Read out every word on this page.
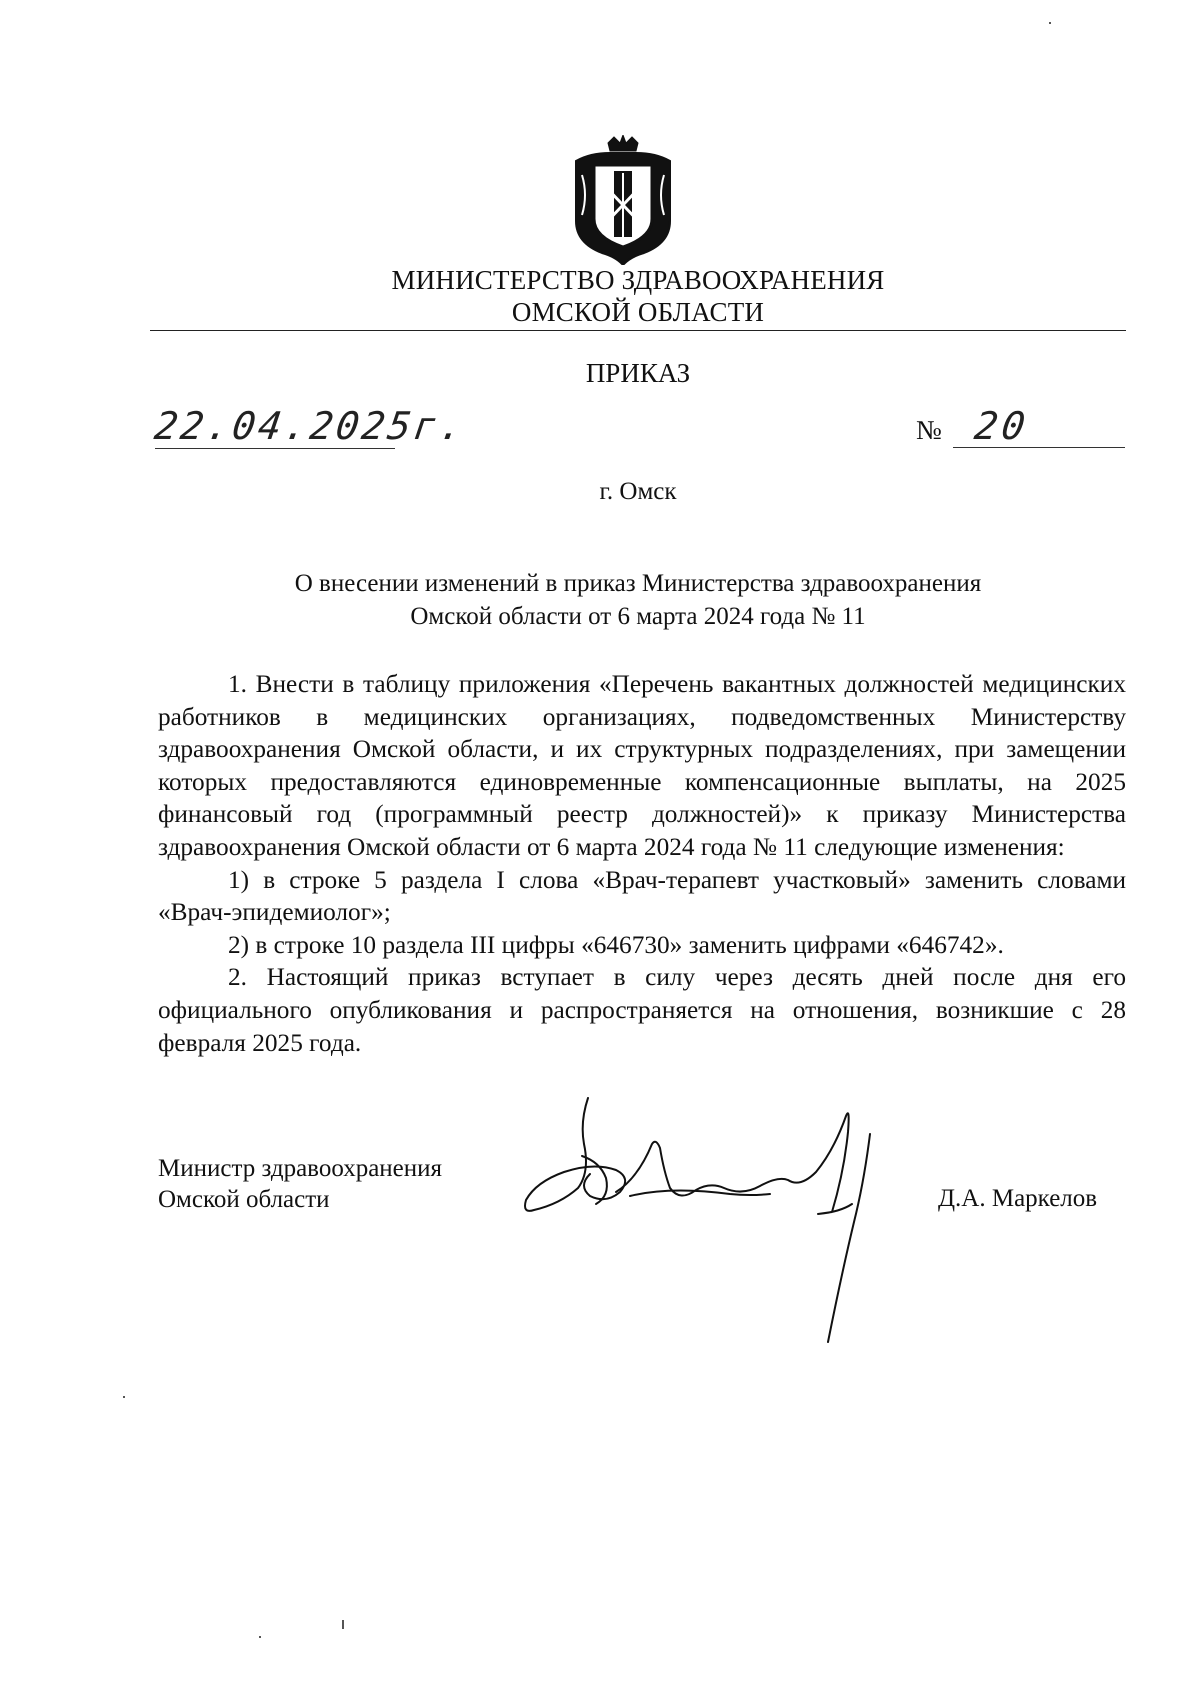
МИНИСТЕРСТВО ЗДРАВООХРАНЕНИЯ
ОМСКОЙ ОБЛАСТИ
ПРИКАЗ
22.04.2025г.	№ 20
г. Омск
О внесении изменений в приказ Министерства здравоохранения
Омской области от 6 марта 2024 года № 11

1. Внести в таблицу приложения «Перечень вакантных должностей медицинских работников в медицинских организациях, подведомственных Министерству здравоохранения Омской области, и их структурных подразделениях, при замещении которых предоставляются единовременные компенсационные выплаты, на 2025 финансовый год (программный реестр должностей)» к приказу Министерства здравоохранения Омской области от 6 марта 2024 года № 11 следующие изменения:

1) в строке 5 раздела I слова «Врач-терапевт участковый» заменить словами «Врач-эпидемиолог»;

2) в строке 10 раздела III цифры «646730» заменить цифрами «646742».

2. Настоящий приказ вступает в силу через десять дней после дня его официального опубликования и распространяется на отношения, возникшие с 28 февраля 2025 года.

Министр здравоохранения
Омской области	Д.А. Маркелов
